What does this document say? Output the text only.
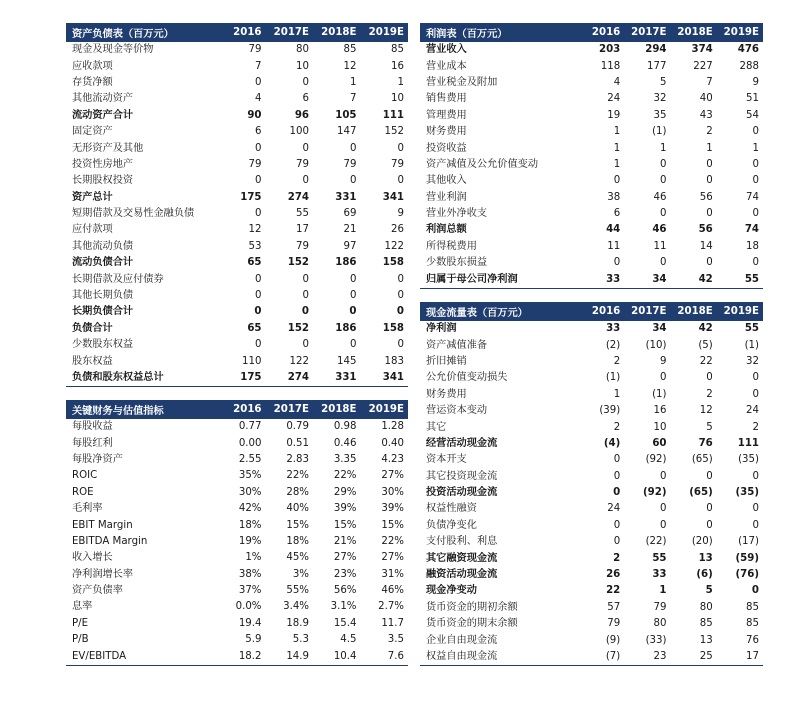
资产负债表（百万元）	2016	2017E	2018E	2019E
现金及现金等价物	79	80	85	85
应收款项	7	10	12	16
存货净额	0	0	1	1
其他流动资产	4	6	7	10
流动资产合计	90	96	105	111
固定资产	6	100	147	152
无形资产及其他	0	0	0	0
投资性房地产	79	79	79	79
长期股权投资	0	0	0	0
资产总计	175	274	331	341
短期借款及交易性金融负债	0	55	69	9
应付款项	12	17	21	26
其他流动负债	53	79	97	122
流动负债合计	65	152	186	158
长期借款及应付债券	0	0	0	0
其他长期负债	0	0	0	0
长期负债合计	0	0	0	0
负债合计	65	152	186	158
少数股东权益	0	0	0	0
股东权益	110	122	145	183
负债和股东权益总计	175	274	331	341
利润表（百万元）	2016	2017E	2018E	2019E
营业收入	203	294	374	476
营业成本	118	177	227	288
营业税金及附加	4	5	7	9
销售费用	24	32	40	51
管理费用	19	35	43	54
财务费用	1	(1)	2	0
投资收益	1	1	1	1
资产减值及公允价值变动	1	0	0	0
其他收入	0	0	0	0
营业利润	38	46	56	74
营业外净收支	6	0	0	0
利润总额	44	46	56	74
所得税费用	11	11	14	18
少数股东损益	0	0	0	0
归属于母公司净利润	33	34	42	55
现金流量表（百万元）	2016	2017E	2018E	2019E
净利润	33	34	42	55
资产减值准备	(2)	(10)	(5)	(1)
折旧摊销	2	9	22	32
公允价值变动损失	(1)	0	0	0
财务费用	1	(1)	2	0
营运资本变动	(39)	16	12	24
其它	2	10	5	2
经营活动现金流	(4)	60	76	111
资本开支	0	(92)	(65)	(35)
其它投资现金流	0	0	0	0
投资活动现金流	0	(92)	(65)	(35)
权益性融资	24	0	0	0
负债净变化	0	0	0	0
支付股利、利息	0	(22)	(20)	(17)
其它融资现金流	2	55	13	(59)
融资活动现金流	26	33	(6)	(76)
现金净变动	22	1	5	0
货币资金的期初余额	57	79	80	85
货币资金的期末余额	79	80	85	85
企业自由现金流	(9)	(33)	13	76
权益自由现金流	(7)	23	25	17
关键财务与估值指标	2016	2017E	2018E	2019E
每股收益	0.77	0.79	0.98	1.28
每股红利	0.00	0.51	0.46	0.40
每股净资产	2.55	2.83	3.35	4.23
ROIC	35%	22%	22%	27%
ROE	30%	28%	29%	30%
毛利率	42%	40%	39%	39%
EBIT Margin	18%	15%	15%	15%
EBITDA Margin	19%	18%	21%	22%
收入增长	1%	45%	27%	27%
净利润增长率	38%	3%	23%	31%
资产负债率	37%	55%	56%	46%
息率	0.0%	3.4%	3.1%	2.7%
P/E	19.4	18.9	15.4	11.7
P/B	5.9	5.3	4.5	3.5
EV/EBITDA	18.2	14.9	10.4	7.6
